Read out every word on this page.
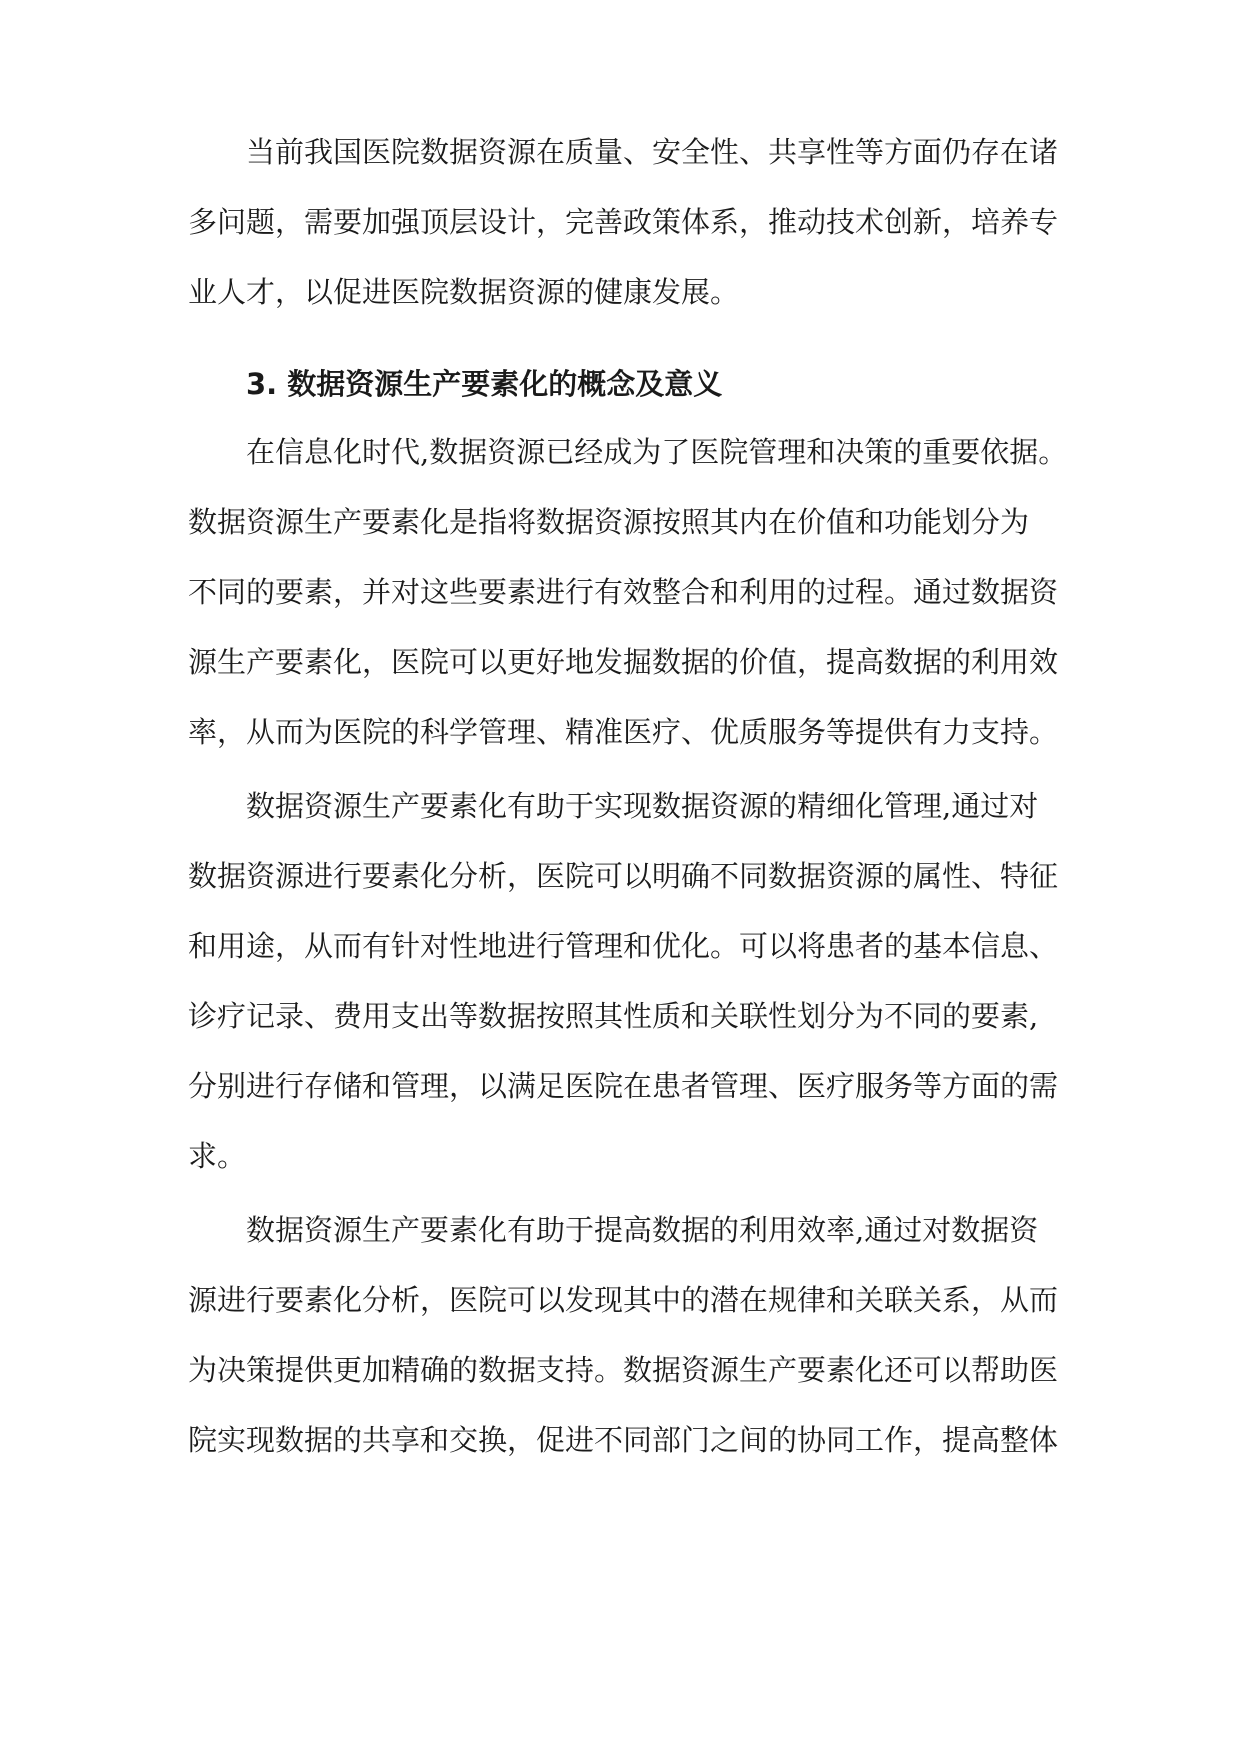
当前我国医院数据资源在质量、安全性、共享性等方面仍存在诸
多问题，需要加强顶层设计，完善政策体系，推动技术创新，培养专
业人才，以促进医院数据资源的健康发展。
3. 数据资源生产要素化的概念及意义
在信息化时代,数据资源已经成为了医院管理和决策的重要依据。
数据资源生产要素化是指将数据资源按照其内在价值和功能划分为
不同的要素，并对这些要素进行有效整合和利用的过程。通过数据资
源生产要素化，医院可以更好地发掘数据的价值，提高数据的利用效
率，从而为医院的科学管理、精准医疗、优质服务等提供有力支持。
数据资源生产要素化有助于实现数据资源的精细化管理,通过对
数据资源进行要素化分析，医院可以明确不同数据资源的属性、特征
和用途，从而有针对性地进行管理和优化。可以将患者的基本信息、
诊疗记录、费用支出等数据按照其性质和关联性划分为不同的要素,
分别进行存储和管理，以满足医院在患者管理、医疗服务等方面的需
求。
数据资源生产要素化有助于提高数据的利用效率,通过对数据资
源进行要素化分析，医院可以发现其中的潜在规律和关联关系，从而
为决策提供更加精确的数据支持。数据资源生产要素化还可以帮助医
院实现数据的共享和交换，促进不同部门之间的协同工作，提高整体
